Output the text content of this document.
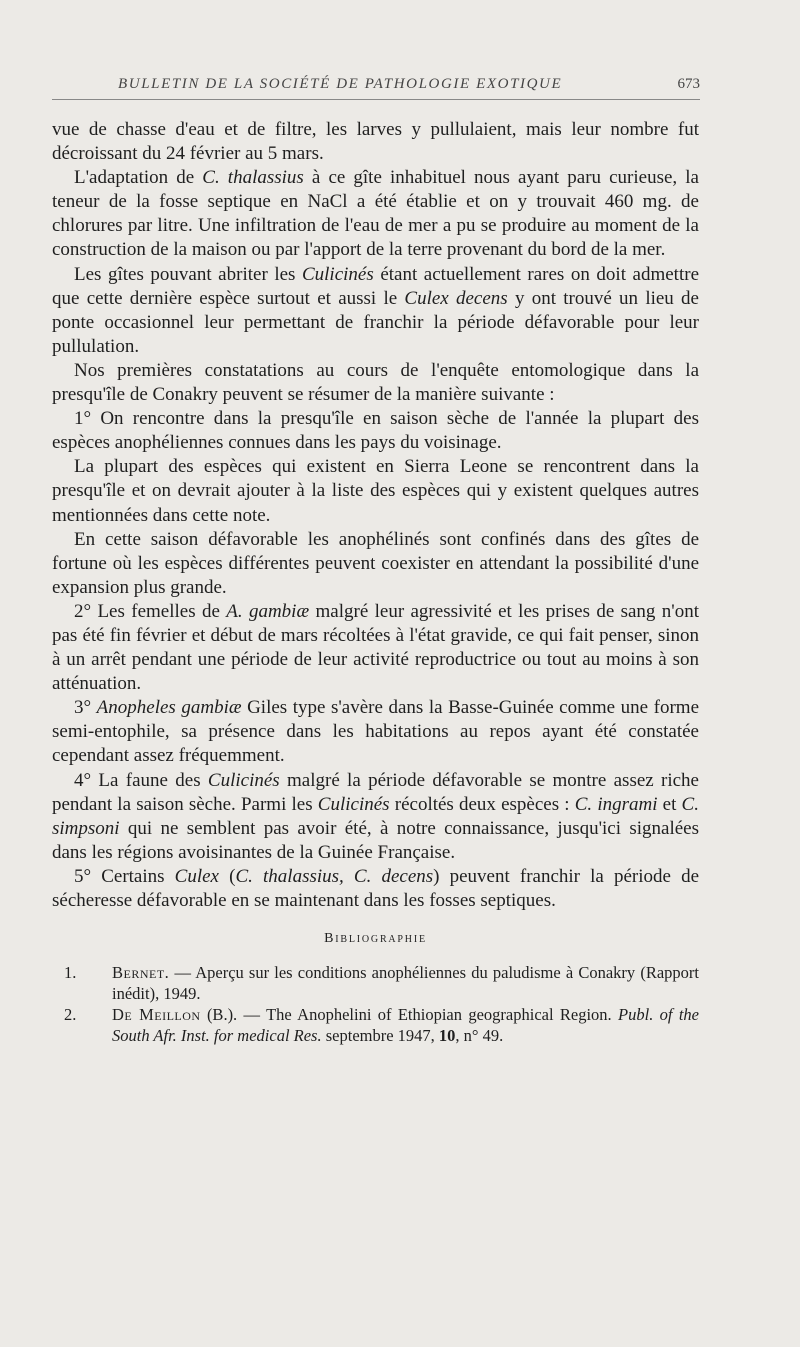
BULLETIN DE LA SOCIÉTÉ DE PATHOLOGIE EXOTIQUE	673

vue de chasse d'eau et de filtre, les larves y pullulaient, mais leur nombre fut décroissant du 24 février au 5 mars.

L'adaptation de C. thalassius à ce gîte inhabituel nous ayant paru curieuse, la teneur de la fosse septique en NaCl a été établie et on y trouvait 460 mg. de chlorures par litre. Une infiltration de l'eau de mer a pu se produire au moment de la construction de la maison ou par l'apport de la terre provenant du bord de la mer.

Les gîtes pouvant abriter les Culicinés étant actuellement rares on doit admettre que cette dernière espèce surtout et aussi le Culex decens y ont trouvé un lieu de ponte occasionnel leur permettant de franchir la période défavorable pour leur pullulation.

Nos premières constatations au cours de l'enquête entomologique dans la presqu'île de Conakry peuvent se résumer de la manière suivante :

1° On rencontre dans la presqu'île en saison sèche de l'année la plupart des espèces anophéliennes connues dans les pays du voisinage.

La plupart des espèces qui existent en Sierra Leone se rencontrent dans la presqu'île et on devrait ajouter à la liste des espèces qui y existent quelques autres mentionnées dans cette note.

En cette saison défavorable les anophélinés sont confinés dans des gîtes de fortune où les espèces différentes peuvent coexister en attendant la possibilité d'une expansion plus grande.

2° Les femelles de A. gambiæ malgré leur agressivité et les prises de sang n'ont pas été fin février et début de mars récoltées à l'état gravide, ce qui fait penser, sinon à un arrêt pendant une période de leur activité reproductrice ou tout au moins à son atténuation.

3° Anopheles gambiæ Giles type s'avère dans la Basse-Guinée comme une forme semi-entophile, sa présence dans les habitations au repos ayant été constatée cependant assez fréquemment.

4° La faune des Culicinés malgré la période défavorable se montre assez riche pendant la saison sèche. Parmi les Culicinés récoltés deux espèces : C. ingrami et C. simpsoni qui ne semblent pas avoir été, à notre connaissance, jusqu'ici signalées dans les régions avoisinantes de la Guinée Française.

5° Certains Culex (C. thalassius, C. decens) peuvent franchir la période de sécheresse défavorable en se maintenant dans les fosses septiques.

Bibliographie
1. Bernet. — Aperçu sur les conditions anophéliennes du paludisme à Conakry (Rapport inédit), 1949.
2. De Meillon (B.). — The Anophelini of Ethiopian geographical Region. Publ. of the South Afr. Inst. for medical Res. septembre 1947, 10, n° 49.
